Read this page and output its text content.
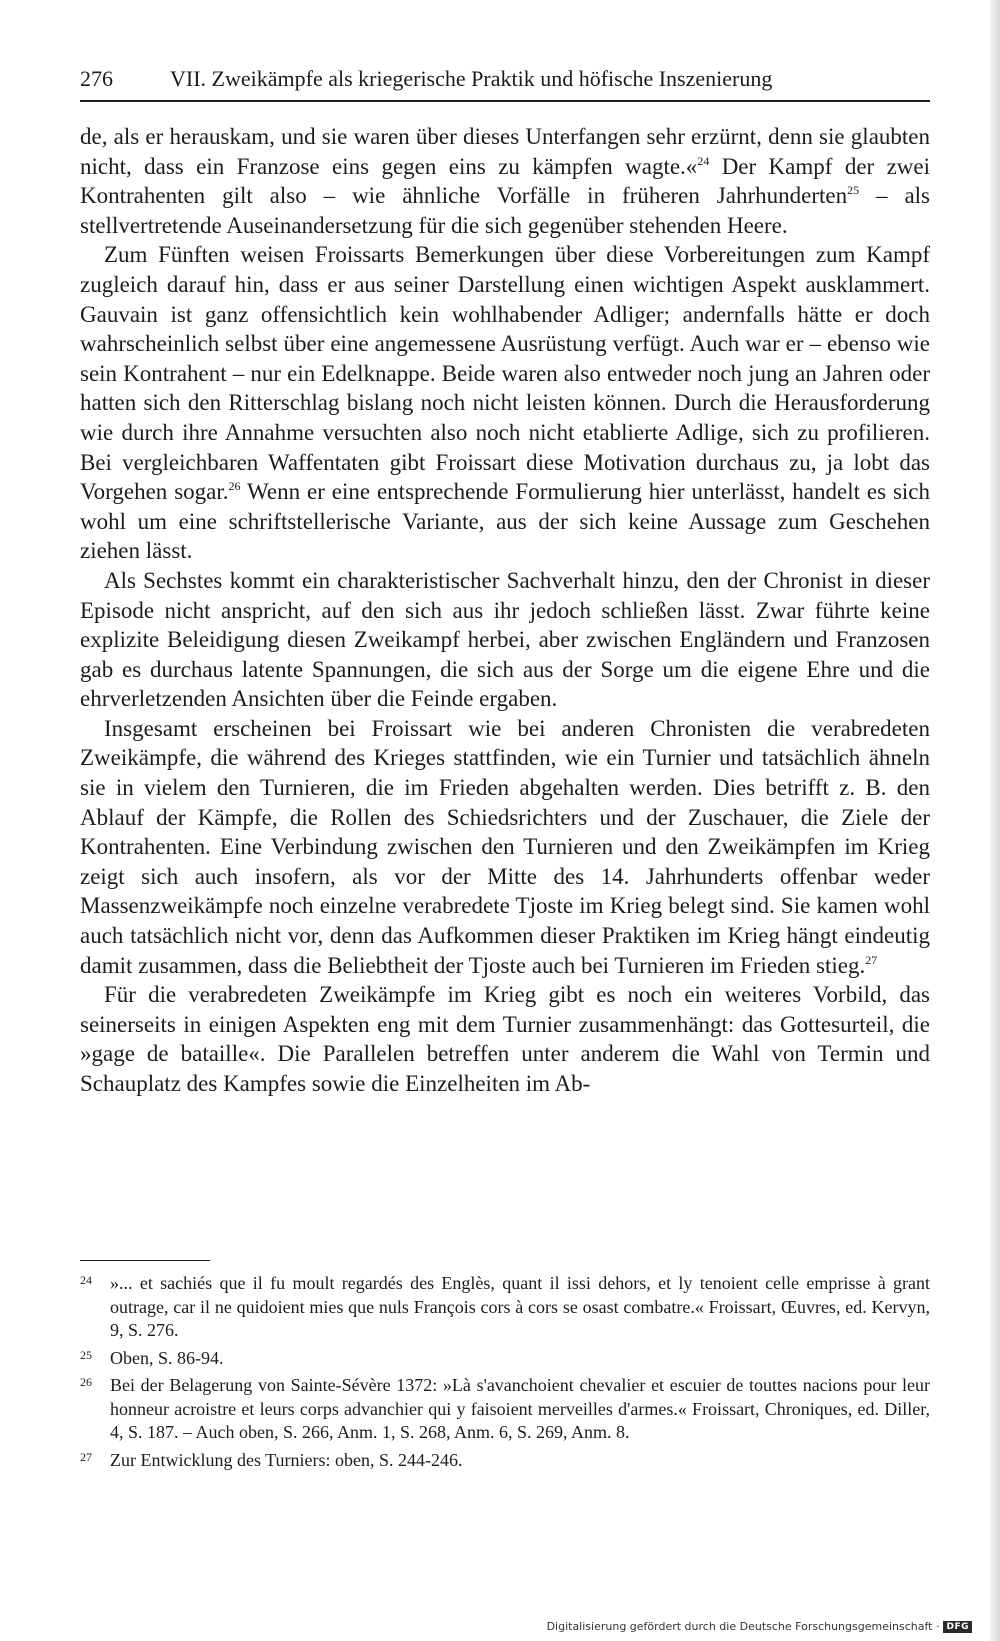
276	VII. Zweikämpfe als kriegerische Praktik und höfische Inszenierung

de, als er herauskam, und sie waren über dieses Unterfangen sehr erzürnt, denn sie glaubten nicht, dass ein Franzose eins gegen eins zu kämpfen wagte.«$^{24}$ Der Kampf der zwei Kontrahenten gilt also – wie ähnliche Vorfälle in früheren Jahrhunderten$^{25}$ – als stellvertretende Auseinandersetzung für die sich gegenüber stehenden Heere.

Zum Fünften weisen Froissarts Bemerkungen über diese Vorbereitungen zum Kampf zugleich darauf hin, dass er aus seiner Darstellung einen wichtigen Aspekt ausklammert. Gauvain ist ganz offensichtlich kein wohlhabender Adliger; andernfalls hätte er doch wahrscheinlich selbst über eine angemessene Ausrüstung verfügt. Auch war er – ebenso wie sein Kontrahent – nur ein Edelknappe. Beide waren also entweder noch jung an Jahren oder hatten sich den Ritterschlag bislang noch nicht leisten können. Durch die Herausforderung wie durch ihre Annahme versuchten also noch nicht etablierte Adlige, sich zu profilieren. Bei vergleichbaren Waffentaten gibt Froissart diese Motivation durchaus zu, ja lobt das Vorgehen sogar.$^{26}$ Wenn er eine entsprechende Formulierung hier unterlässt, handelt es sich wohl um eine schriftstellerische Variante, aus der sich keine Aussage zum Geschehen ziehen lässt.

Als Sechstes kommt ein charakteristischer Sachverhalt hinzu, den der Chronist in dieser Episode nicht anspricht, auf den sich aus ihr jedoch schließen lässt. Zwar führte keine explizite Beleidigung diesen Zweikampf herbei, aber zwischen Engländern und Franzosen gab es durchaus latente Spannungen, die sich aus der Sorge um die eigene Ehre und die ehrverletzenden Ansichten über die Feinde ergaben.

Insgesamt erscheinen bei Froissart wie bei anderen Chronisten die verabredeten Zweikämpfe, die während des Krieges stattfinden, wie ein Turnier und tatsächlich ähneln sie in vielem den Turnieren, die im Frieden abgehalten werden. Dies betrifft z. B. den Ablauf der Kämpfe, die Rollen des Schiedsrichters und der Zuschauer, die Ziele der Kontrahenten. Eine Verbindung zwischen den Turnieren und den Zweikämpfen im Krieg zeigt sich auch insofern, als vor der Mitte des 14. Jahrhunderts offenbar weder Massenzweikämpfe noch einzelne verabredete Tjoste im Krieg belegt sind. Sie kamen wohl auch tatsächlich nicht vor, denn das Aufkommen dieser Praktiken im Krieg hängt eindeutig damit zusammen, dass die Beliebtheit der Tjoste auch bei Turnieren im Frieden stieg.$^{27}$

Für die verabredeten Zweikämpfe im Krieg gibt es noch ein weiteres Vorbild, das seinerseits in einigen Aspekten eng mit dem Turnier zusammenhängt: das Gottesurteil, die »gage de bataille«. Die Parallelen betreffen unter anderem die Wahl von Termin und Schauplatz des Kampfes sowie die Einzelheiten im Ab-

24 »... et sachiés que il fu moult regardés des Englès, quant il issi dehors, et ly tenoient celle emprisse à grant outrage, car il ne quidoient mies que nuls François cors à cors se osast combatre.« Froissart, Œuvres, ed. Kervyn, 9, S. 276.
25 Oben, S. 86-94.
26 Bei der Belagerung von Sainte-Sévère 1372: »Là s'avanchoient chevalier et escuier de touttes nacions pour leur honneur acroistre et leurs corps advanchier qui y faisoient merveilles d'armes.« Froissart, Chroniques, ed. Diller, 4, S. 187. – Auch oben, S. 266, Anm. 1, S. 268, Anm. 6, S. 269, Anm. 8.
27 Zur Entwicklung des Turniers: oben, S. 244-246.
Digitalisierung gefördert durch die Deutsche Forschungsgemeinschaft · DFG
